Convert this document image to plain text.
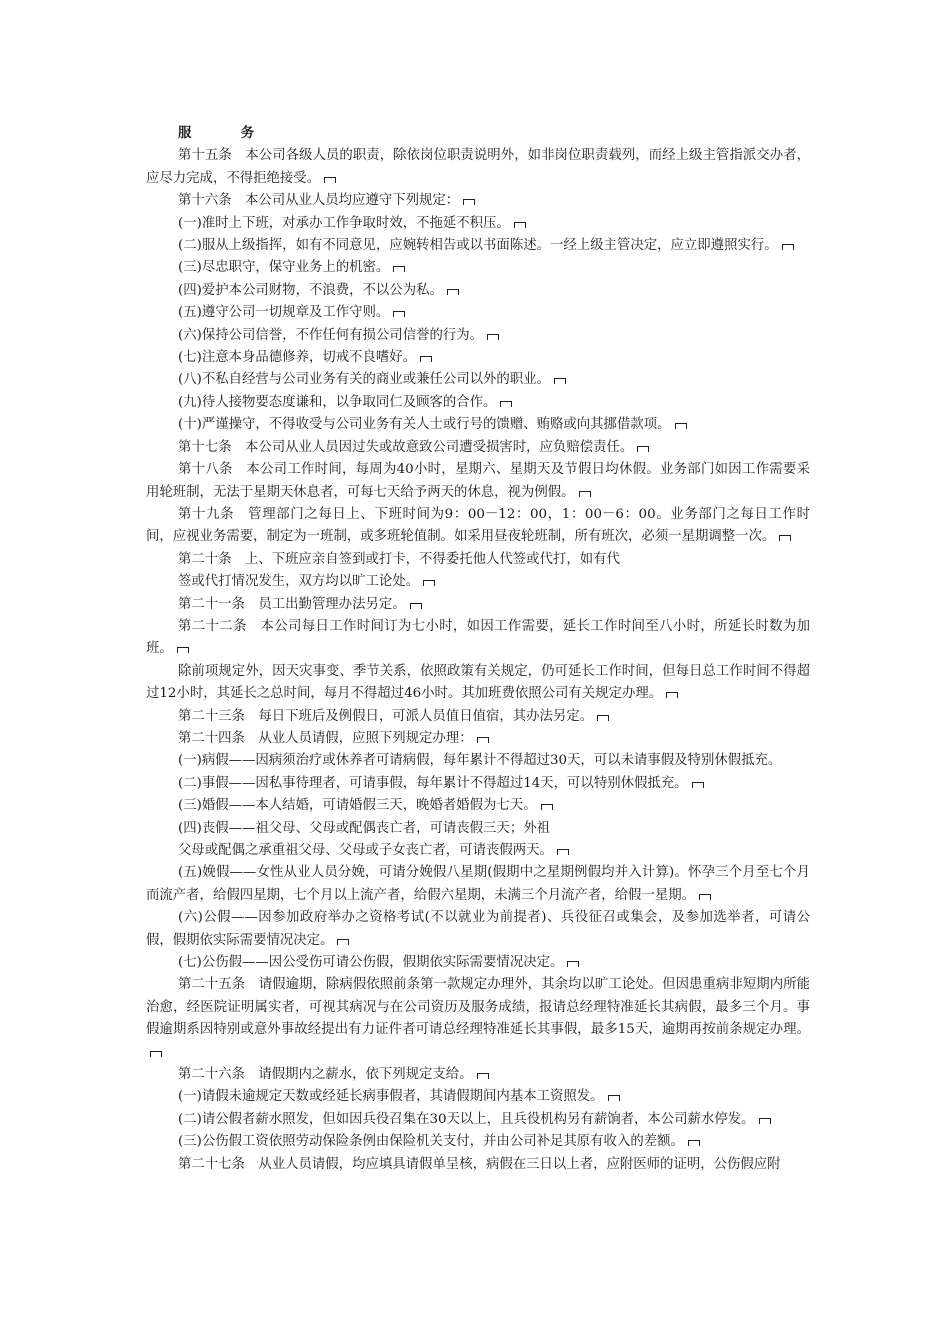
服　务
第十五条　本公司各级人员的职责，除依岗位职责说明外，如非岗位职责载列，而经上级主管指派交办者，应尽力完成，不得拒绝接受。
第十六条　本公司从业人员均应遵守下列规定：
(一)准时上下班，对承办工作争取时效，不拖延不积压。
(二)服从上级指挥，如有不同意见，应婉转相告或以书面陈述。一经上级主管决定，应立即遵照实行。
(三)尽忠职守，保守业务上的机密。
(四)爱护本公司财物，不浪费，不以公为私。
(五)遵守公司一切规章及工作守则。
(六)保持公司信誉，不作任何有损公司信誉的行为。
(七)注意本身品德修养，切戒不良嗜好。
(八)不私自经营与公司业务有关的商业或兼任公司以外的职业。
(九)待人接物要态度谦和，以争取同仁及顾客的合作。
(十)严谨操守，不得收受与公司业务有关人士或行号的馈赠、贿赂或向其挪借款项。
第十七条　本公司从业人员因过失或故意致公司遭受损害时，应负赔偿责任。
第十八条　本公司工作时间，每周为40小时，星期六、星期天及节假日均休假。业务部门如因工作需要采用轮班制，无法于星期天休息者，可每七天给予两天的休息，视为例假。
第十九条　管理部门之每日上、下班时间为9：00－12：00，1：00－6：00。业务部门之每日工作时间，应视业务需要，制定为一班制，或多班轮值制。如采用昼夜轮班制，所有班次，必须一星期调整一次。
第二十条　上、下班应亲自签到或打卡，不得委托他人代签或代打，如有代
签或代打情况发生，双方均以旷工论处。
第二十一条　员工出勤管理办法另定。
第二十二条　本公司每日工作时间订为七小时，如因工作需要，延长工作时间至八小时，所延长时数为加班。
除前项规定外，因天灾事变、季节关系，依照政策有关规定，仍可延长工作时间，但每日总工作时间不得超过12小时，其延长之总时间，每月不得超过46小时。其加班费依照公司有关规定办理。
第二十三条　每日下班后及例假日，可派人员值日值宿，其办法另定。
第二十四条　从业人员请假，应照下列规定办理：
(一)病假——因病须治疗或休养者可请病假，每年累计不得超过30天，可以未请事假及特别休假抵充。
(二)事假——因私事待理者，可请事假，每年累计不得超过14天，可以特别休假抵充。
(三)婚假——本人结婚，可请婚假三天，晚婚者婚假为七天。
(四)丧假——祖父母、父母或配偶丧亡者，可请丧假三天；外祖
父母或配偶之承重祖父母、父母或子女丧亡者，可请丧假两天。
(五)娩假——女性从业人员分娩，可请分娩假八星期(假期中之星期例假均并入计算)。怀孕三个月至七个月而流产者，给假四星期，七个月以上流产者，给假六星期，未满三个月流产者，给假一星期。
(六)公假——因参加政府举办之资格考试(不以就业为前提者)、兵役征召或集会，及参加选举者，可请公假，假期依实际需要情况决定。
(七)公伤假——因公受伤可请公伤假，假期依实际需要情况决定。
第二十五条　请假逾期，除病假依照前条第一款规定办理外，其余均以旷工论处。但因患重病非短期内所能治愈，经医院证明属实者，可视其病况与在公司资历及服务成绩，报请总经理特准延长其病假，最多三个月。事假逾期系因特别或意外事故经提出有力证件者可请总经理特准延长其事假，最多15天，逾期再按前条规定办理。
第二十六条　请假期内之薪水，依下列规定支给。
(一)请假未逾规定天数或经延长病事假者，其请假期间内基本工资照发。
(二)请公假者薪水照发，但如因兵役召集在30天以上，且兵役机构另有薪饷者，本公司薪水停发。
(三)公伤假工资依照劳动保险条例由保险机关支付，并由公司补足其原有收入的差额。
第二十七条　从业人员请假，均应填具请假单呈核，病假在三日以上者，应附医师的证明，公伤假应附
